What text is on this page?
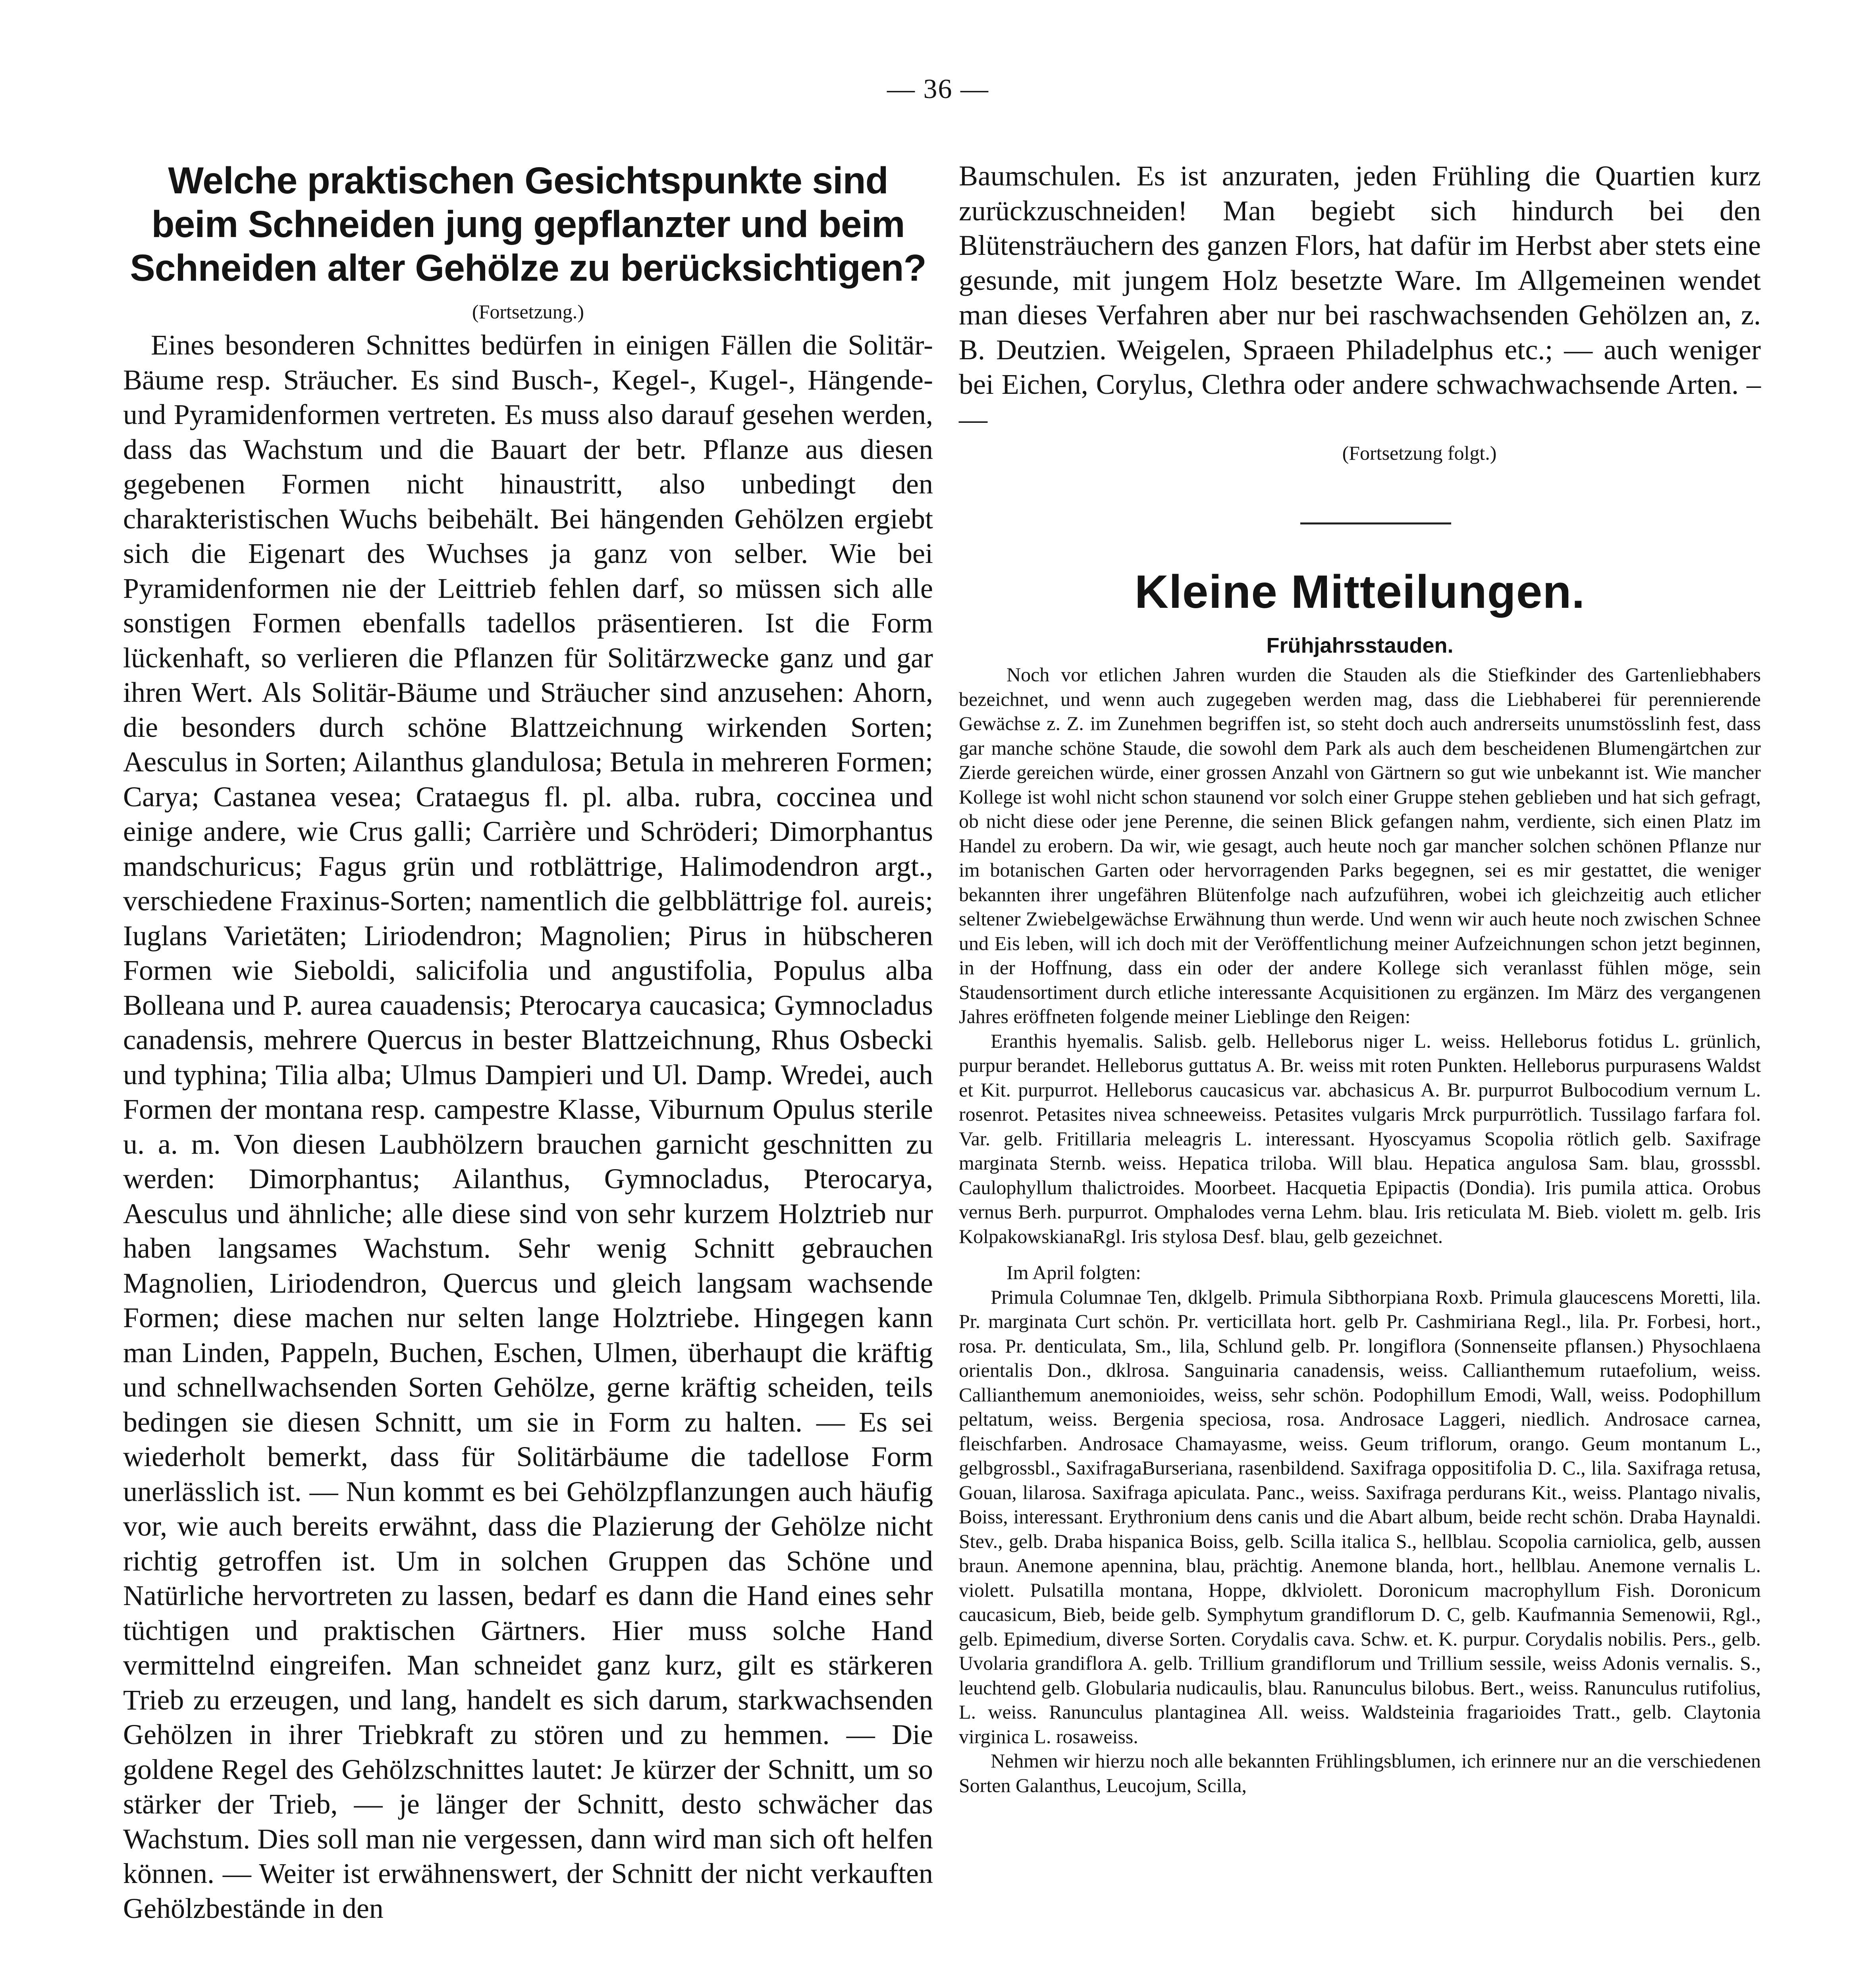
— 36 —
Welche praktischen Gesichtspunkte sind beim Schneiden jung gepflanzter und beim Schneiden alter Gehölze zu berücksichtigen?

(Fortsetzung.)

Eines besonderen Schnittes bedürfen in einigen Fällen die Solitär-Bäume resp. Sträucher. Es sind Busch-, Kegel-, Kugel-, Hängende- und Pyramidenformen vertreten. Es muss also darauf gesehen werden, dass das Wachstum und die Bauart der betr. Pflanze aus diesen gegebenen Formen nicht hinaustritt, also unbedingt den charakteristischen Wuchs beibehält. Bei hängenden Gehölzen ergiebt sich die Eigenart des Wuchses ja ganz von selber. Wie bei Pyramidenformen nie der Leittrieb fehlen darf, so müssen sich alle sonstigen Formen ebenfalls tadellos präsentieren. Ist die Form lückenhaft, so verlieren die Pflanzen für Solitärzwecke ganz und gar ihren Wert. Als Solitär-Bäume und Sträucher sind anzusehen: Ahorn, die besonders durch schöne Blattzeichnung wirkenden Sorten; Aesculus in Sorten; Ailanthus glandulosa; Betula in mehreren Formen; Carya; Castanea vesea; Crataegus fl. pl. alba. rubra, coccinea und einige andere, wie Crus galli; Carrière und Schröderi; Dimorphantus mandschuricus; Fagus grün und rotblättrige, Halimodendron argt., verschiedene Fraxinus-Sorten; namentlich die gelbblättrige fol. aureis; Iuglans Varietäten; Liriodendron; Magnolien; Pirus in hübscheren Formen wie Sieboldi, salicifolia und angustifolia, Populus alba Bolleana und P. aurea cauadensis; Pterocarya caucasica; Gymnocladus canadensis, mehrere Quercus in bester Blattzeichnung, Rhus Osbecki und typhina; Tilia alba; Ulmus Dampieri und Ul. Damp. Wredei, auch Formen der montana resp. campestre Klasse, Viburnum Opulus sterile u. a. m. Von diesen Laubhölzern brauchen garnicht geschnitten zu werden: Dimorphantus; Ailanthus, Gymnocladus, Pterocarya, Aesculus und ähnliche; alle diese sind von sehr kurzem Holztrieb nur haben langsames Wachstum. Sehr wenig Schnitt gebrauchen Magnolien, Liriodendron, Quercus und gleich langsam wachsende Formen; diese machen nur selten lange Holztriebe. Hingegen kann man Linden, Pappeln, Buchen, Eschen, Ulmen, überhaupt die kräftig und schnellwachsenden Sorten Gehölze, gerne kräftig scheiden, teils bedingen sie diesen Schnitt, um sie in Form zu halten. — Es sei wiederholt bemerkt, dass für Solitärbäume die tadellose Form unerlässlich ist. — Nun kommt es bei Gehölzpflanzungen auch häufig vor, wie auch bereits erwähnt, dass die Plazierung der Gehölze nicht richtig getroffen ist. Um in solchen Gruppen das Schöne und Natürliche hervortreten zu lassen, bedarf es dann die Hand eines sehr tüchtigen und praktischen Gärtners. Hier muss solche Hand vermittelnd eingreifen. Man schneidet ganz kurz, gilt es stärkeren Trieb zu erzeugen, und lang, handelt es sich darum, starkwachsenden Gehölzen in ihrer Triebkraft zu stören und zu hemmen. — Die goldene Regel des Gehölzschnittes lautet: Je kürzer der Schnitt, um so stärker der Trieb, — je länger der Schnitt, desto schwächer das Wachstum. Dies soll man nie vergessen, dann wird man sich oft helfen können. — Weiter ist erwähnenswert, der Schnitt der nicht verkauften Gehölzbestände in den

Baumschulen. Es ist anzuraten, jeden Frühling die Quartien kurz zurückzuschneiden! Man begiebt sich hindurch bei den Blütensträuchern des ganzen Flors, hat dafür im Herbst aber stets eine gesunde, mit jungem Holz besetzte Ware. Im Allgemeinen wendet man dieses Verfahren aber nur bei raschwachsenden Gehölzen an, z. B. Deutzien. Weigelen, Spraeen Philadelphus etc.; — auch weniger bei Eichen, Corylus, Clethra oder andere schwachwachsende Arten. – —

(Fortsetzung folgt.)

Kleine Mitteilungen.
Frühjahrsstauden.

Noch vor etlichen Jahren wurden die Stauden als die Stiefkinder des Gartenliebhabers bezeichnet, und wenn auch zugegeben werden mag, dass die Liebhaberei für perennierende Gewächse z. Z. im Zunehmen begriffen ist, so steht doch auch andrerseits unumstösslinh fest, dass gar manche schöne Staude, die sowohl dem Park als auch dem bescheidenen Blumengärtchen zur Zierde gereichen würde, einer grossen Anzahl von Gärtnern so gut wie unbekannt ist. Wie mancher Kollege ist wohl nicht schon staunend vor solch einer Gruppe stehen geblieben und hat sich gefragt, ob nicht diese oder jene Perenne, die seinen Blick gefangen nahm, verdiente, sich einen Platz im Handel zu erobern. Da wir, wie gesagt, auch heute noch gar mancher solchen schönen Pflanze nur im botanischen Garten oder hervorragenden Parks begegnen, sei es mir gestattet, die weniger bekannten ihrer ungefähren Blütenfolge nach aufzuführen, wobei ich gleichzeitig auch etlicher seltener Zwiebelgewächse Erwähnung thun werde. Und wenn wir auch heute noch zwischen Schnee und Eis leben, will ich doch mit der Veröffentlichung meiner Aufzeichnungen schon jetzt beginnen, in der Hoffnung, dass ein oder der andere Kollege sich veranlasst fühlen möge, sein Staudensortiment durch etliche interessante Acquisitionen zu ergänzen. Im März des vergangenen Jahres eröffneten folgende meiner Lieblinge den Reigen:

Eranthis hyemalis. Salisb. gelb. Helleborus niger L. weiss. Helleborus fotidus L. grünlich, purpur berandet. Helleborus guttatus A. Br. weiss mit roten Punkten. Helleborus purpurasens Waldst et Kit. purpurrot. Helleborus caucasicus var. abchasicus A. Br. purpurrot Bulbocodium vernum L. rosenrot. Petasites nivea schneeweiss. Petasites vulgaris Mrck purpurrötlich. Tussilago farfara fol. Var. gelb. Fritillaria meleagris L. interessant. Hyoscyamus Scopolia rötlich gelb. Saxifrage marginata Sternb. weiss. Hepatica triloba. Will blau. Hepatica angulosa Sam. blau, grosssbl. Caulophyllum thalictroides. Moorbeet. Hacquetia Epipactis (Dondia). Iris pumila attica. Orobus vernus Berh. purpurrot. Omphalodes verna Lehm. blau. Iris reticulata M. Bieb. violett m. gelb. Iris KolpakowskianaRgl. Iris stylosa Desf. blau, gelb gezeichnet.

Im April folgten:

Primula Columnae Ten, dklgelb. Primula Sibthorpiana Roxb. Primula glaucescens Moretti, lila. Pr. marginata Curt schön. Pr. verticillata hort. gelb Pr. Cashmiriana Regl., lila. Pr. Forbesi, hort., rosa. Pr. denticulata, Sm., lila, Schlund gelb. Pr. longiflora (Sonnenseite pflansen.) Physochlaena orientalis Don., dklrosa. Sanguinaria canadensis, weiss. Callianthemum rutaefolium, weiss. Callianthemum anemonioides, weiss, sehr schön. Podophillum Emodi, Wall, weiss. Podophillum peltatum, weiss. Bergenia speciosa, rosa. Androsace Laggeri, niedlich. Androsace carnea, fleischfarben. Androsace Chamayasme, weiss. Geum triflorum, orango. Geum montanum L., gelbgrossbl., SaxifragaBurseriana, rasenbildend. Saxifraga oppositifolia D. C., lila. Saxifraga retusa, Gouan, lilarosa. Saxifraga apiculata. Panc., weiss. Saxifraga perdurans Kit., weiss. Plantago nivalis, Boiss, interessant. Erythronium dens canis und die Abart album, beide recht schön. Draba Haynaldi. Stev., gelb. Draba hispanica Boiss, gelb. Scilla italica S., hellblau. Scopolia carniolica, gelb, aussen braun. Anemone apennina, blau, prächtig. Anemone blanda, hort., hellblau. Anemone vernalis L. violett. Pulsatilla montana, Hoppe, dklviolett. Doronicum macrophyllum Fish. Doronicum caucasicum, Bieb, beide gelb. Symphytum grandiflorum D. C, gelb. Kaufmannia Semenowii, Rgl., gelb. Epimedium, diverse Sorten. Corydalis cava. Schw. et. K. purpur. Corydalis nobilis. Pers., gelb. Uvolaria grandiflora A. gelb. Trillium grandiflorum und Trillium sessile, weiss Adonis vernalis. S., leuchtend gelb. Globularia nudicaulis, blau. Ranunculus bilobus. Bert., weiss. Ranunculus rutifolius, L. weiss. Ranunculus plantagineа All. weiss. Waldsteinia fragarioides Tratt., gelb. Claytonia virginica L. rosaweiss.

Nehmen wir hierzu noch alle bekannten Frühlingsblumen, ich erinnere nur an die verschiedenen Sorten Galanthus, Leucojum, Scilla,
